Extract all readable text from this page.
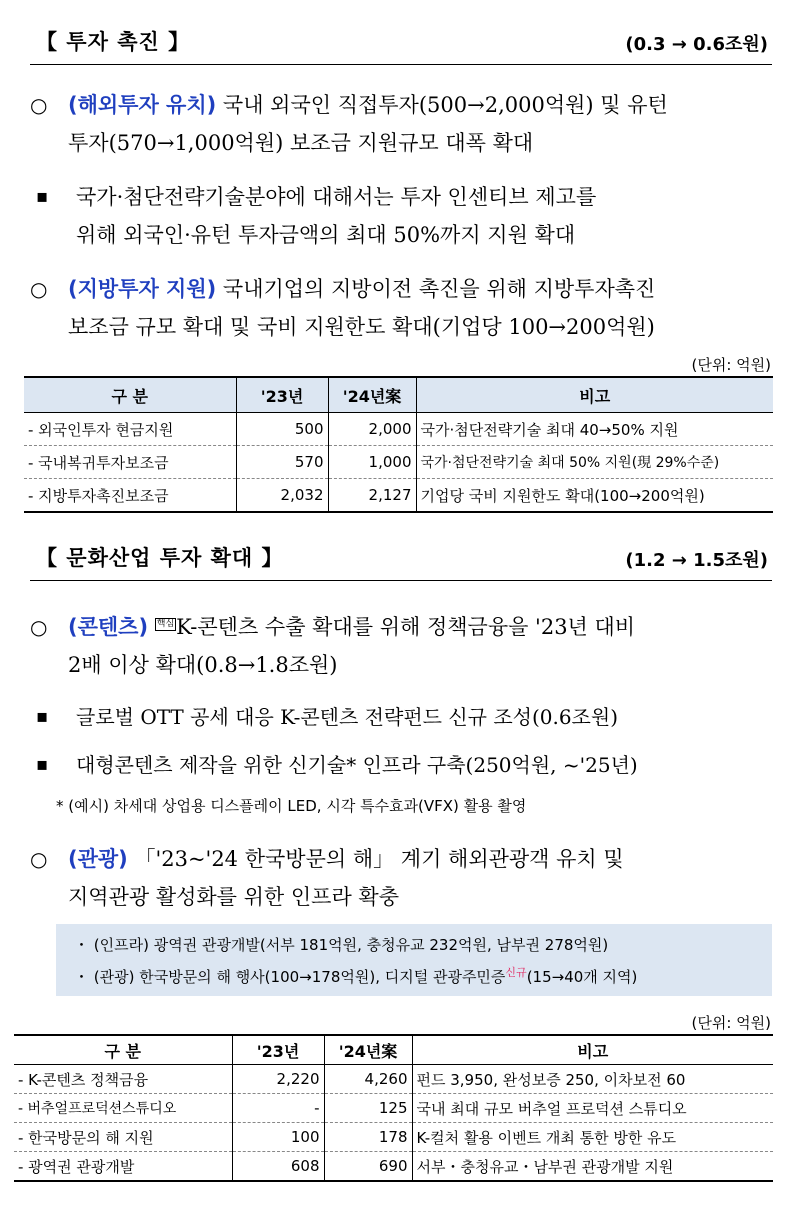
【 투자 촉진 】	(0.3 → 0.6조원)
○ (해외투자 유치) 국내 외국인 직접투자(500→2,000억원) 및 유턴
투자(570→1,000억원) 보조금 지원규모 대폭 확대
▪ 국가·첨단전략기술분야에 대해서는 투자 인센티브 제고를
위해 외국인·유턴 투자금액의 최대 50%까지 지원 확대
○ (지방투자 지원) 국내기업의 지방이전 촉진을 위해 지방투자촉진
보조금 규모 확대 및 국비 지원한도 확대(기업당 100→200억원)
(단위: 억원)
구 분	'23년	'24년案	비고
- 외국인투자 현금지원	500	2,000	국가·첨단전략기술 최대 40→50% 지원
- 국내복귀투자보조금	570	1,000	국가·첨단전략기술 최대 50% 지원(現 29%수준)
- 지방투자촉진보조금	2,032	2,127	기업당 국비 지원한도 확대(100→200억원)
【 문화산업 투자 확대 】	(1.2 → 1.5조원)
○ (콘텐츠) 핵심K-콘텐츠 수출 확대를 위해 정책금융을 '23년 대비
2배 이상 확대(0.8→1.8조원)
▪ 글로벌 OTT 공세 대응 K-콘텐츠 전략펀드 신규 조성(0.6조원)
▪ 대형콘텐츠 제작을 위한 신기술* 인프라 구축(250억원, ~'25년)
* (예시) 차세대 상업용 디스플레이 LED, 시각 특수효과(VFX) 활용 촬영
○ (관광) 「'23~'24 한국방문의 해」 계기 해외관광객 유치 및
지역관광 활성화를 위한 인프라 확충
・ (인프라) 광역권 관광개발(서부 181억원, 충청유교 232억원, 남부권 278억원)
・ (관광) 한국방문의 해 행사(100→178억원), 디지털 관광주민증$^{신규}$(15→40개 지역)
(단위: 억원)
구 분	'23년	'24년案	비고
- K-콘텐츠 정책금융	2,220	4,260	펀드 3,950, 완성보증 250, 이차보전 60
- 버추얼프로덕션스튜디오	-	125	국내 최대 규모 버추얼 프로덕션 스튜디오
- 한국방문의 해 지원	100	178	K-컬처 활용 이벤트 개최 통한 방한 유도
- 광역권 관광개발	608	690	서부・충청유교・남부권 관광개발 지원
